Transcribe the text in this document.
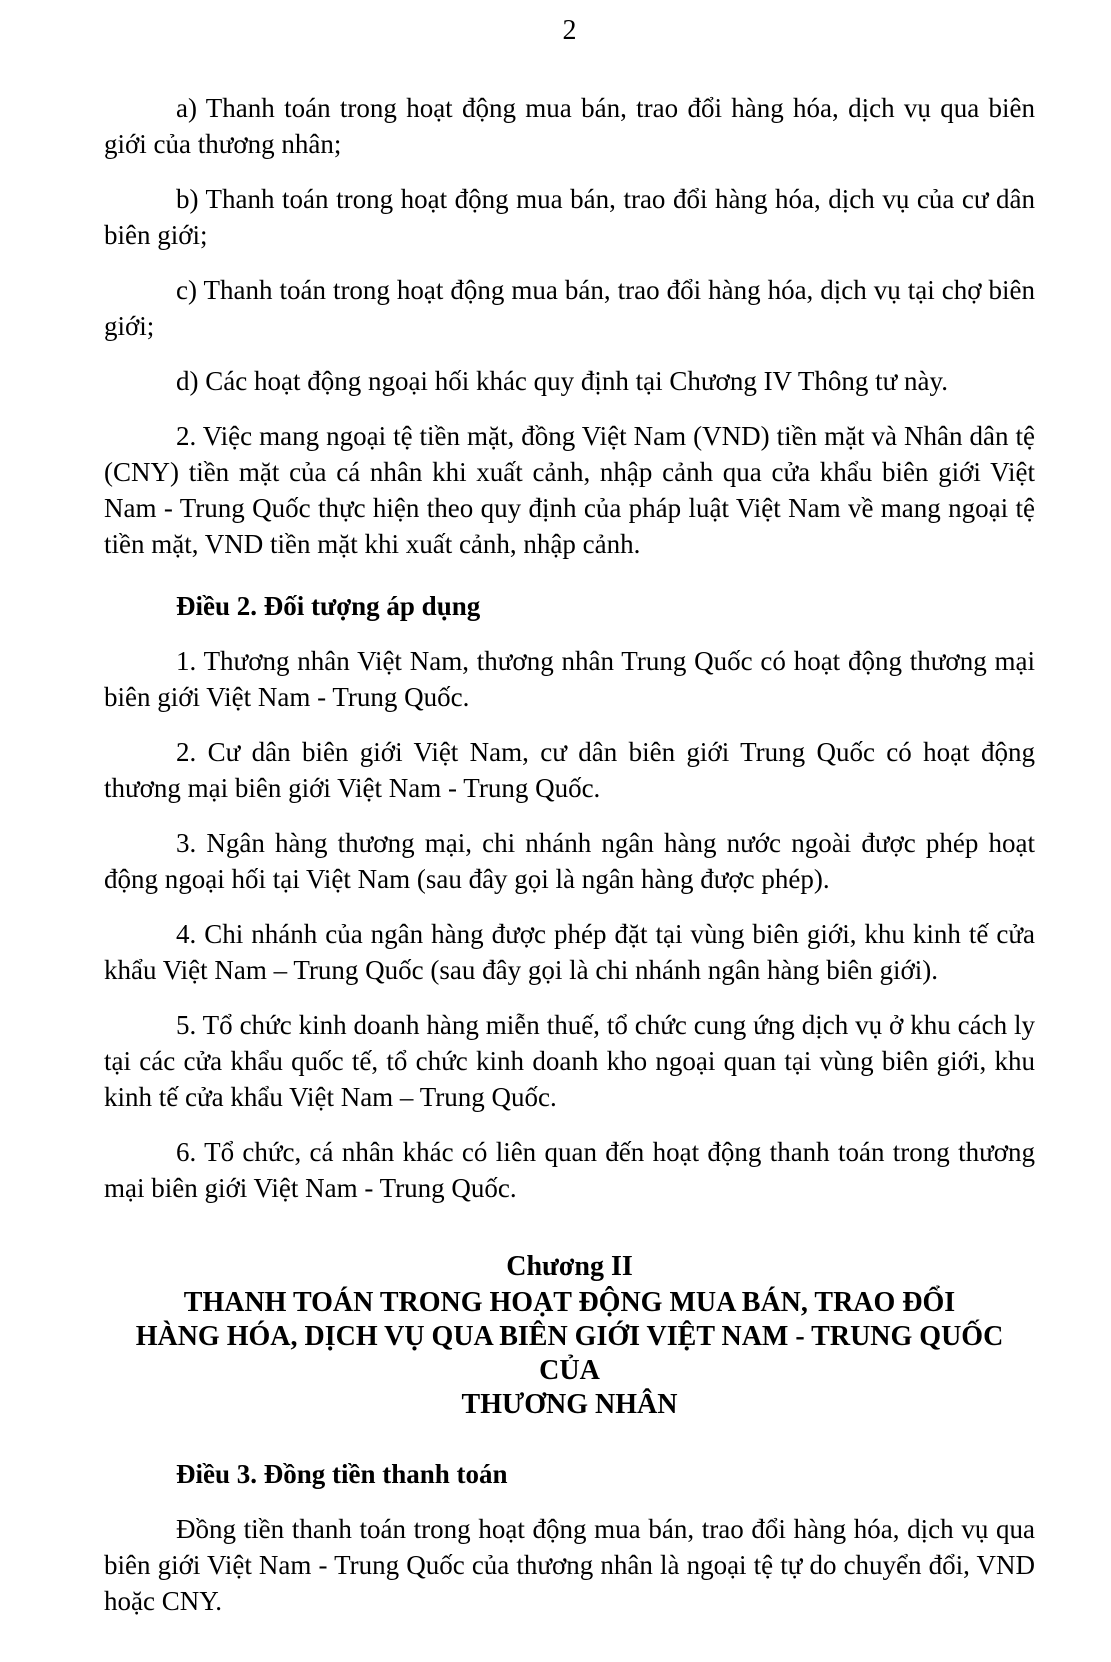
2

a) Thanh toán trong hoạt động mua bán, trao đổi hàng hóa, dịch vụ qua biên giới của thương nhân;

b) Thanh toán trong hoạt động mua bán, trao đổi hàng hóa, dịch vụ của cư dân biên giới;

c) Thanh toán trong hoạt động mua bán, trao đổi hàng hóa, dịch vụ tại chợ biên giới;

d) Các hoạt động ngoại hối khác quy định tại Chương IV Thông tư này.

2. Việc mang ngoại tệ tiền mặt, đồng Việt Nam (VND) tiền mặt và Nhân dân tệ (CNY) tiền mặt của cá nhân khi xuất cảnh, nhập cảnh qua cửa khẩu biên giới Việt Nam - Trung Quốc thực hiện theo quy định của pháp luật Việt Nam về mang ngoại tệ tiền mặt, VND tiền mặt khi xuất cảnh, nhập cảnh.

Điều 2. Đối tượng áp dụng

1. Thương nhân Việt Nam, thương nhân Trung Quốc có hoạt động thương mại biên giới Việt Nam - Trung Quốc.

2. Cư dân biên giới Việt Nam, cư dân biên giới Trung Quốc có hoạt động thương mại biên giới Việt Nam - Trung Quốc.

3. Ngân hàng thương mại, chi nhánh ngân hàng nước ngoài được phép hoạt động ngoại hối tại Việt Nam (sau đây gọi là ngân hàng được phép).

4. Chi nhánh của ngân hàng được phép đặt tại vùng biên giới, khu kinh tế cửa khẩu Việt Nam – Trung Quốc (sau đây gọi là chi nhánh ngân hàng biên giới).

5. Tổ chức kinh doanh hàng miễn thuế, tổ chức cung ứng dịch vụ ở khu cách ly tại các cửa khẩu quốc tế, tổ chức kinh doanh kho ngoại quan tại vùng biên giới, khu kinh tế cửa khẩu Việt Nam – Trung Quốc.

6. Tổ chức, cá nhân khác có liên quan đến hoạt động thanh toán trong thương mại biên giới Việt Nam - Trung Quốc.

Chương II
THANH TOÁN TRONG HOẠT ĐỘNG MUA BÁN, TRAO ĐỔI
HÀNG HÓA, DỊCH VỤ QUA BIÊN GIỚI VIỆT NAM - TRUNG QUỐC CỦA
THƯƠNG NHÂN

Điều 3. Đồng tiền thanh toán

Đồng tiền thanh toán trong hoạt động mua bán, trao đổi hàng hóa, dịch vụ qua biên giới Việt Nam - Trung Quốc của thương nhân là ngoại tệ tự do chuyển đổi, VND hoặc CNY.
